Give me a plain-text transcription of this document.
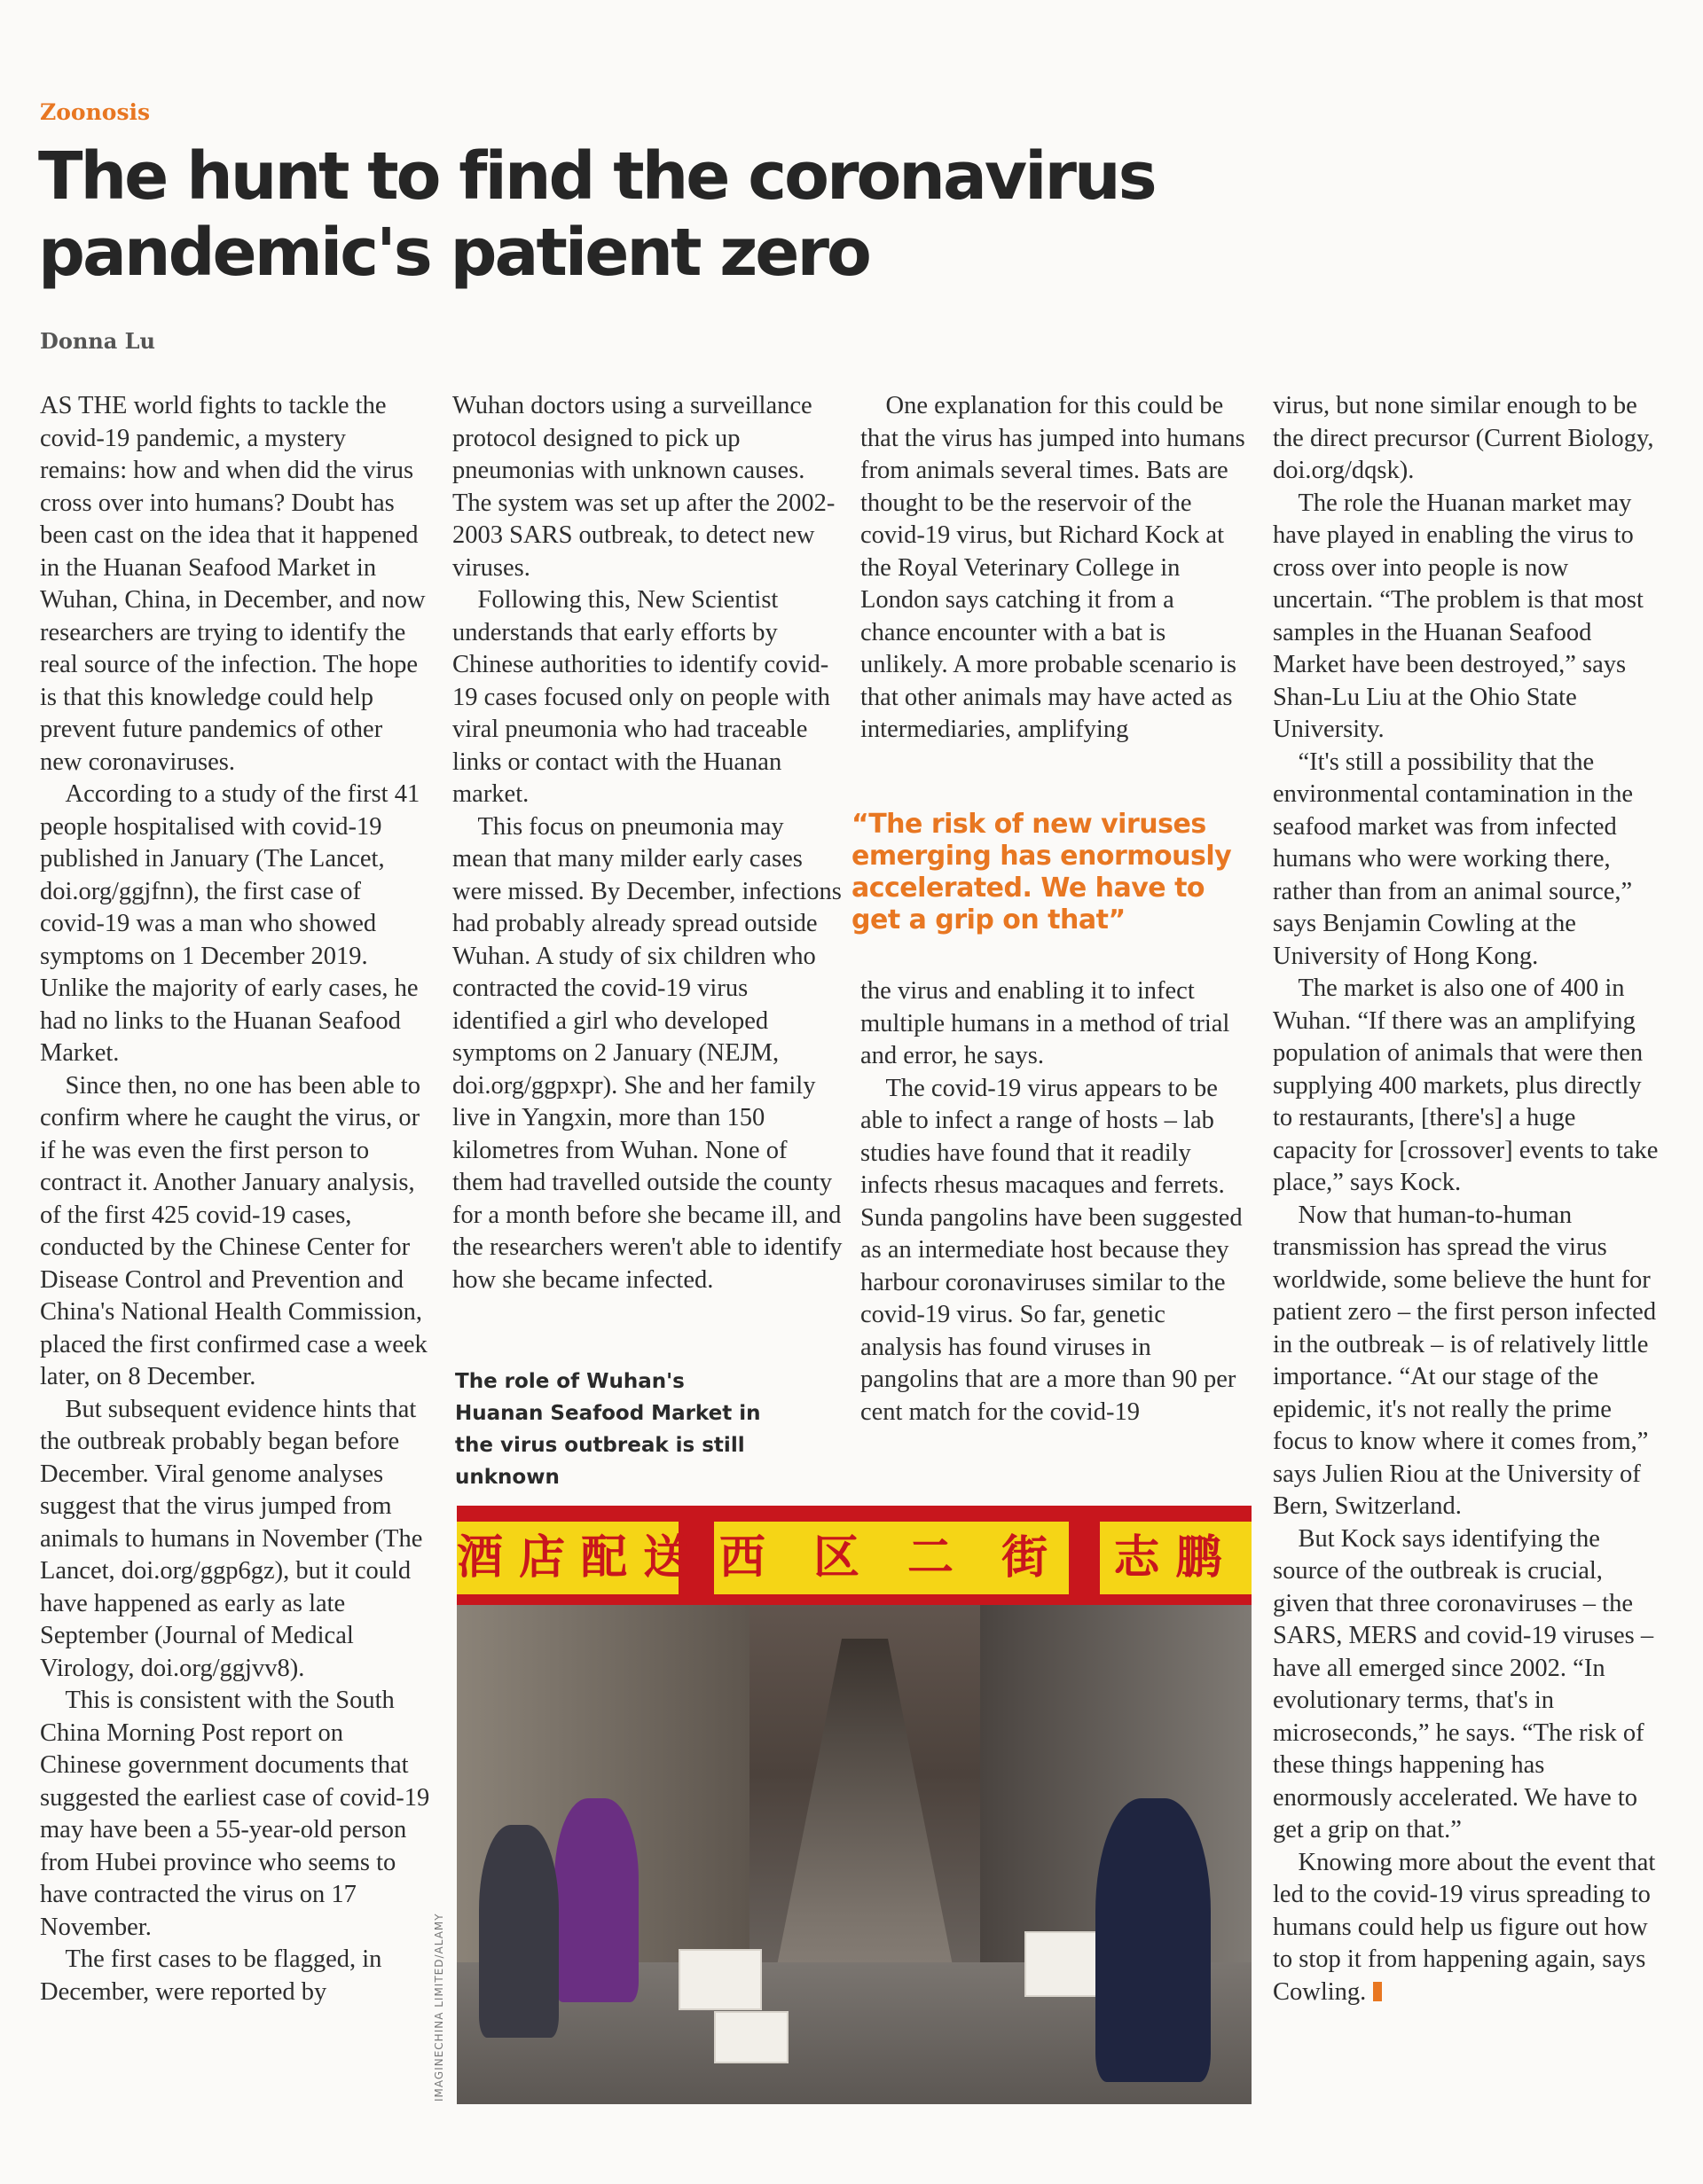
Zoonosis
The hunt to find the coronavirus pandemic's patient zero
Donna Lu

AS THE world fights to tackle the covid-19 pandemic, a mystery remains: how and when did the virus cross over into humans? Doubt has been cast on the idea that it happened in the Huanan Seafood Market in Wuhan, China, in December, and now researchers are trying to identify the real source of the infection. The hope is that this knowledge could help prevent future pandemics of other new coronaviruses.

According to a study of the first 41 people hospitalised with covid-19 published in January (The Lancet, doi.org/ggjfnn), the first case of covid-19 was a man who showed symptoms on 1 December 2019. Unlike the majority of early cases, he had no links to the Huanan Seafood Market.

Since then, no one has been able to confirm where he caught the virus, or if he was even the first person to contract it. Another January analysis, of the first 425 covid-19 cases, conducted by the Chinese Center for Disease Control and Prevention and China's National Health Commission, placed the first confirmed case a week later, on 8 December.

But subsequent evidence hints that the outbreak probably began before December. Viral genome analyses suggest that the virus jumped from animals to humans in November (The Lancet, doi.org/ggp6gz), but it could have happened as early as late September (Journal of Medical Virology, doi.org/ggjvv8).

This is consistent with the South China Morning Post report on Chinese government documents that suggested the earliest case of covid-19 may have been a 55-year-old person from Hubei province who seems to have contracted the virus on 17 November.

The first cases to be flagged, in December, were reported by

Wuhan doctors using a surveillance protocol designed to pick up pneumonias with unknown causes. The system was set up after the 2002-2003 SARS outbreak, to detect new viruses.

Following this, New Scientist understands that early efforts by Chinese authorities to identify covid-19 cases focused only on people with viral pneumonia who had traceable links or contact with the Huanan market.

This focus on pneumonia may mean that many milder early cases were missed. By December, infections had probably already spread outside Wuhan. A study of six children who contracted the covid-19 virus identified a girl who developed symptoms on 2 January (NEJM, doi.org/ggpxpr). She and her family live in Yangxin, more than 150 kilometres from Wuhan. None of them had travelled outside the county for a month before she became ill, and the researchers weren't able to identify how she became infected.

The role of Wuhan's Huanan Seafood Market in the virus outbreak is still unknown

One explanation for this could be that the virus has jumped into humans from animals several times. Bats are thought to be the reservoir of the covid-19 virus, but Richard Kock at the Royal Veterinary College in London says catching it from a chance encounter with a bat is unlikely. A more probable scenario is that other animals may have acted as intermediaries, amplifying

“The risk of new viruses emerging has enormously accelerated. We have to get a grip on that”

the virus and enabling it to infect multiple humans in a method of trial and error, he says.

The covid-19 virus appears to be able to infect a range of hosts – lab studies have found that it readily infects rhesus macaques and ferrets. Sunda pangolins have been suggested as an intermediate host because they harbour coronaviruses similar to the covid-19 virus. So far, genetic analysis has found viruses in pangolins that are a more than 90 per cent match for the covid-19

virus, but none similar enough to be the direct precursor (Current Biology, doi.org/dqsk).

The role the Huanan market may have played in enabling the virus to cross over into people is now uncertain. “The problem is that most samples in the Huanan Seafood Market have been destroyed,” says Shan-Lu Liu at the Ohio State University.

“It's still a possibility that the environmental contamination in the seafood market was from infected humans who were working there, rather than from an animal source,” says Benjamin Cowling at the University of Hong Kong.

The market is also one of 400 in Wuhan. “If there was an amplifying population of animals that were then supplying 400 markets, plus directly to restaurants, [there's] a huge capacity for [crossover] events to take place,” says Kock.

Now that human-to-human transmission has spread the virus worldwide, some believe the hunt for patient zero – the first person infected in the outbreak – is of relatively little importance. “At our stage of the epidemic, it's not really the prime focus to know where it comes from,” says Julien Riou at the University of Bern, Switzerland.

But Kock says identifying the source of the outbreak is crucial, given that three coronaviruses – the SARS, MERS and covid-19 viruses – have all emerged since 2002. “In evolutionary terms, that's in microseconds,” he says. “The risk of these things happening has enormously accelerated. We have to get a grip on that.”

Knowing more about the event that led to the covid-19 virus spreading to humans could help us figure out how to stop it from happening again, says Cowling.

酒店配送 西 区 二 街 志鹏
IMAGINECHINA LIMITED/ALAMY
